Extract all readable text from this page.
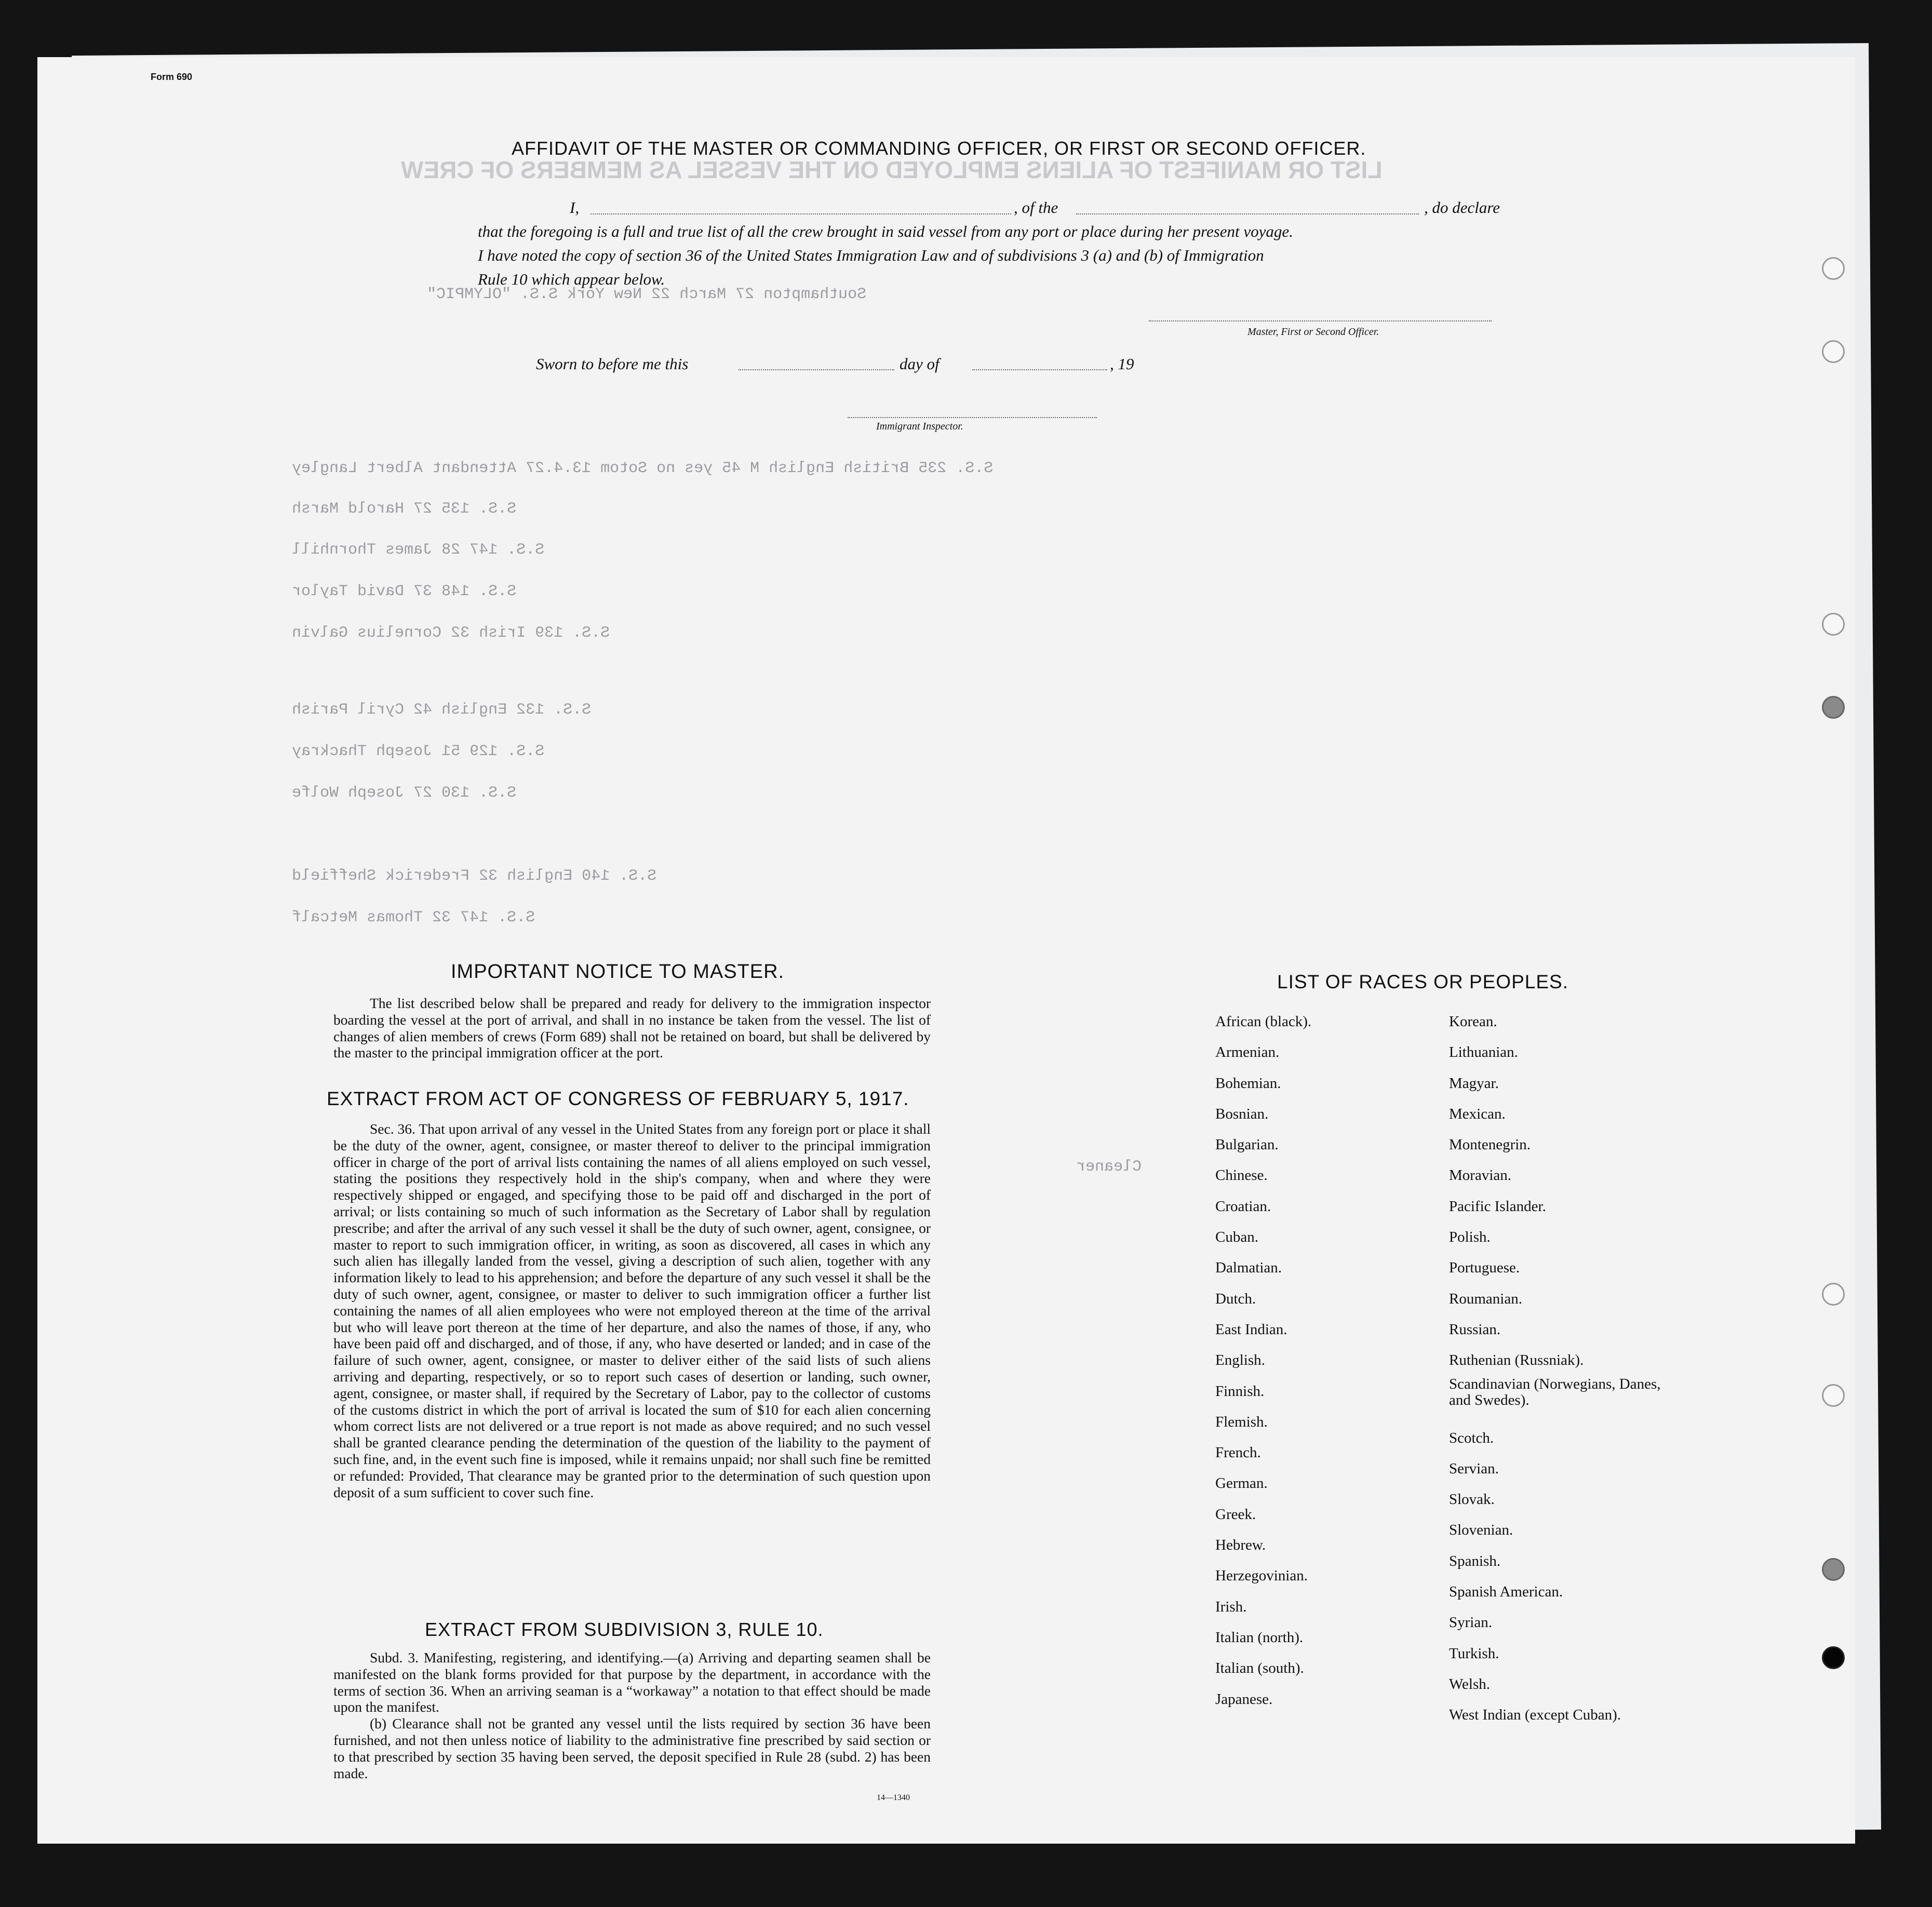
LIST OR MANIFEST OF ALIENS EMPLOYED ON THE VESSEL AS MEMBERS OF CREW
S.S. 235 British English M 45 yes no Sotom 13.4.27 Attendant Albert Langley
Southampton 27 March 22 New York S.S. "OLYMPIC"
S.S. 135 27 Harold Marsh
S.S. 147 28 James Thornhill
S.S. 148 37 David Taylor
S.S. 139 Irish 32 Cornelius Galvin
S.S. 132 English 42 Cyril Parish
S.S. 129 51 Joseph Thackray
S.S. 130 27 Joseph Wolfe
S.S. 140 English 32 Frederick Sheffield
S.S. 147 32 Thomas Metcalf
Cleaner
Form 690
AFFIDAVIT OF THE MASTER OR COMMANDING OFFICER, OR FIRST OR SECOND OFFICER.
I,	, of the	, do declare
that the foregoing is a full and true list of all the crew brought in said vessel from any port or place during her present voyage.
I have noted the copy of section 36 of the United States Immigration Law and of subdivisions 3 (a) and (b) of Immigration
Rule 10 which appear below.
Master, First or Second Officer.
Sworn to before me this	day of	, 19
Immigrant Inspector.
IMPORTANT NOTICE TO MASTER.

The list described below shall be prepared and ready for delivery to the immigration inspector boarding the vessel at the port of arrival, and shall in no instance be taken from the vessel. The list of changes of alien members of crews (Form 689) shall not be retained on board, but shall be delivered by the master to the principal immigration officer at the port.

EXTRACT FROM ACT OF CONGRESS OF FEBRUARY 5, 1917.

Sec. 36. That upon arrival of any vessel in the United States from any foreign port or place it shall be the duty of the owner, agent, consignee, or master thereof to deliver to the principal immigration officer in charge of the port of arrival lists containing the names of all aliens employed on such vessel, stating the positions they respectively hold in the ship's company, when and where they were respectively shipped or engaged, and specifying those to be paid off and discharged in the port of arrival; or lists containing so much of such information as the Secretary of Labor shall by regulation prescribe; and after the arrival of any such vessel it shall be the duty of such owner, agent, consignee, or master to report to such immigration officer, in writing, as soon as discovered, all cases in which any such alien has illegally landed from the vessel, giving a description of such alien, together with any information likely to lead to his apprehension; and before the departure of any such vessel it shall be the duty of such owner, agent, consignee, or master to deliver to such immigration officer a further list containing the names of all alien employees who were not employed thereon at the time of the arrival but who will leave port thereon at the time of her departure, and also the names of those, if any, who have been paid off and discharged, and of those, if any, who have deserted or landed; and in case of the failure of such owner, agent, consignee, or master to deliver either of the said lists of such aliens arriving and departing, respectively, or so to report such cases of desertion or landing, such owner, agent, consignee, or master shall, if required by the Secretary of Labor, pay to the collector of customs of the customs district in which the port of arrival is located the sum of $10 for each alien concerning whom correct lists are not delivered or a true report is not made as above required; and no such vessel shall be granted clearance pending the determination of the question of the liability to the payment of such fine, and, in the event such fine is imposed, while it remains unpaid; nor shall such fine be remitted or refunded: Provided, That clearance may be granted prior to the determination of such question upon deposit of a sum sufficient to cover such fine.

EXTRACT FROM SUBDIVISION 3, RULE 10.

Subd. 3. Manifesting, registering, and identifying.—(a) Arriving and departing seamen shall be manifested on the blank forms provided for that purpose by the department, in accordance with the terms of section 36. When an arriving seaman is a “workaway” a notation to that effect should be made upon the manifest.

(b) Clearance shall not be granted any vessel until the lists required by section 36 have been furnished, and not then unless notice of liability to the administrative fine prescribed by said section or to that prescribed by section 35 having been served, the deposit specified in Rule 28 (subd. 2) has been made.

14—1340
LIST OF RACES OR PEOPLES.
African (black).
Armenian.
Bohemian.
Bosnian.
Bulgarian.
Chinese.
Croatian.
Cuban.
Dalmatian.
Dutch.
East Indian.
English.
Finnish.
Flemish.
French.
German.
Greek.
Hebrew.
Herzegovinian.
Irish.
Italian (north).
Italian (south).
Japanese.
Korean.
Lithuanian.
Magyar.
Mexican.
Montenegrin.
Moravian.
Pacific Islander.
Polish.
Portuguese.
Roumanian.
Russian.
Ruthenian (Russniak).
Scandinavian (Norwegians, Danes, and Swedes).
Scotch.
Servian.
Slovak.
Slovenian.
Spanish.
Spanish American.
Syrian.
Turkish.
Welsh.
West Indian (except Cuban).
